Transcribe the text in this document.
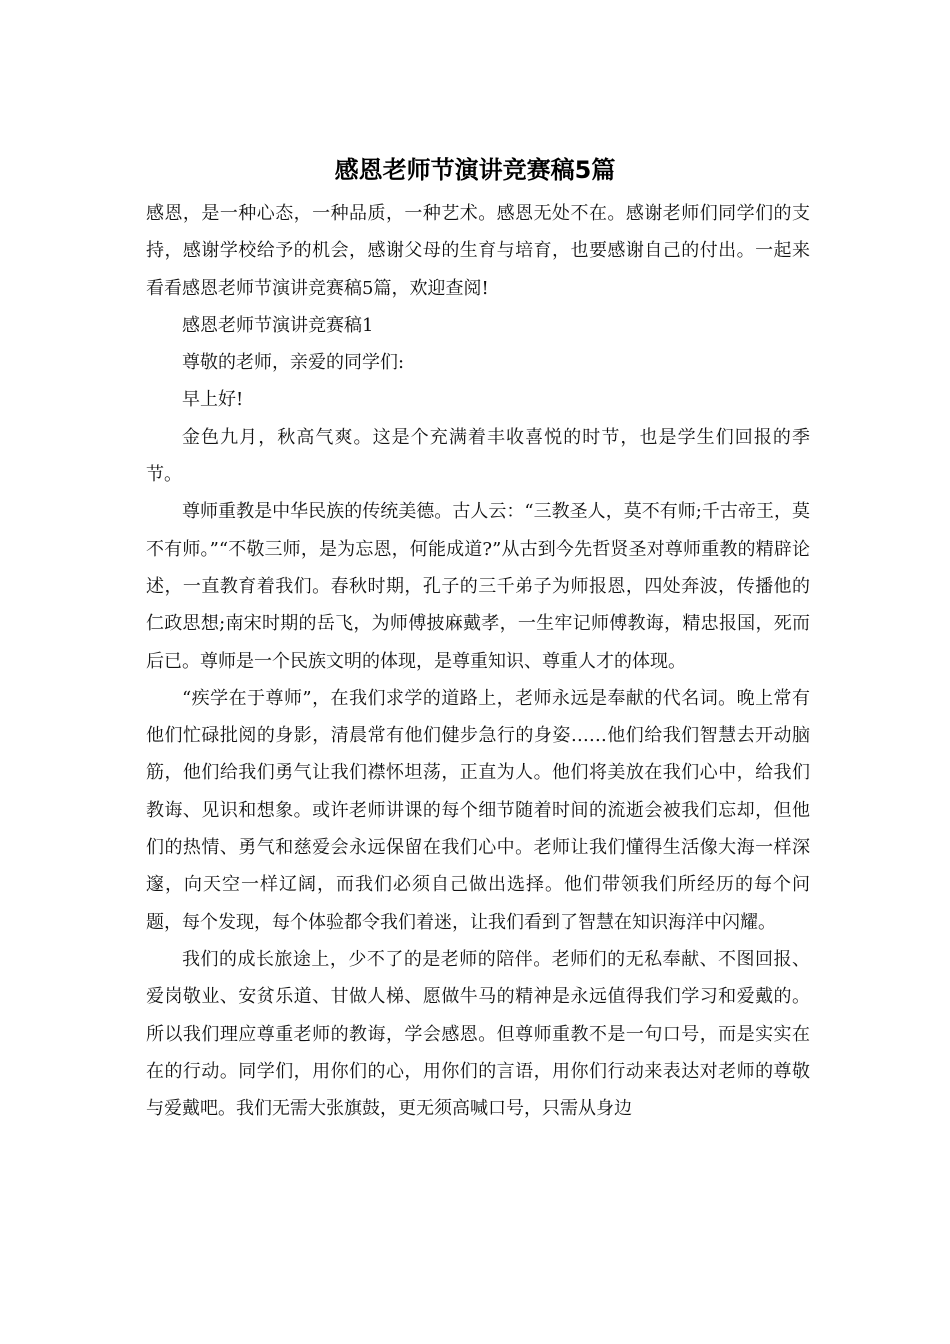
感恩老师节演讲竞赛稿5篇

感恩，是一种心态，一种品质，一种艺术。感恩无处不在。感谢老师们同学们的支持，感谢学校给予的机会，感谢父母的生育与培育，也要感谢自己的付出。一起来看看感恩老师节演讲竞赛稿5篇，欢迎查阅!

感恩老师节演讲竞赛稿1

尊敬的老师，亲爱的同学们:

早上好!

金色九月，秋高气爽。这是个充满着丰收喜悦的时节，也是学生们回报的季节。

尊师重教是中华民族的传统美德。古人云：“三教圣人，莫不有师;千古帝王，莫不有师。”“不敬三师，是为忘恩，何能成道?”从古到今先哲贤圣对尊师重教的精辟论述，一直教育着我们。春秋时期，孔子的三千弟子为师报恩，四处奔波，传播他的仁政思想;南宋时期的岳飞，为师傅披麻戴孝，一生牢记师傅教诲，精忠报国，死而后已。尊师是一个民族文明的体现，是尊重知识、尊重人才的体现。

“疾学在于尊师”，在我们求学的道路上，老师永远是奉献的代名词。晚上常有他们忙碌批阅的身影，清晨常有他们健步急行的身姿……他们给我们智慧去开动脑筋，他们给我们勇气让我们襟怀坦荡，正直为人。他们将美放在我们心中，给我们教诲、见识和想象。或许老师讲课的每个细节随着时间的流逝会被我们忘却，但他们的热情、勇气和慈爱会永远保留在我们心中。老师让我们懂得生活像大海一样深邃，向天空一样辽阔，而我们必须自己做出选择。他们带领我们所经历的每个问题，每个发现，每个体验都令我们着迷，让我们看到了智慧在知识海洋中闪耀。

我们的成长旅途上，少不了的是老师的陪伴。老师们的无私奉献、不图回报、爱岗敬业、安贫乐道、甘做人梯、愿做牛马的精神是永远值得我们学习和爱戴的。所以我们理应尊重老师的教诲，学会感恩。但尊师重教不是一句口号，而是实实在在的行动。同学们，用你们的心，用你们的言语，用你们行动来表达对老师的尊敬与爱戴吧。我们无需大张旗鼓，更无须高喊口号，只需从身边
